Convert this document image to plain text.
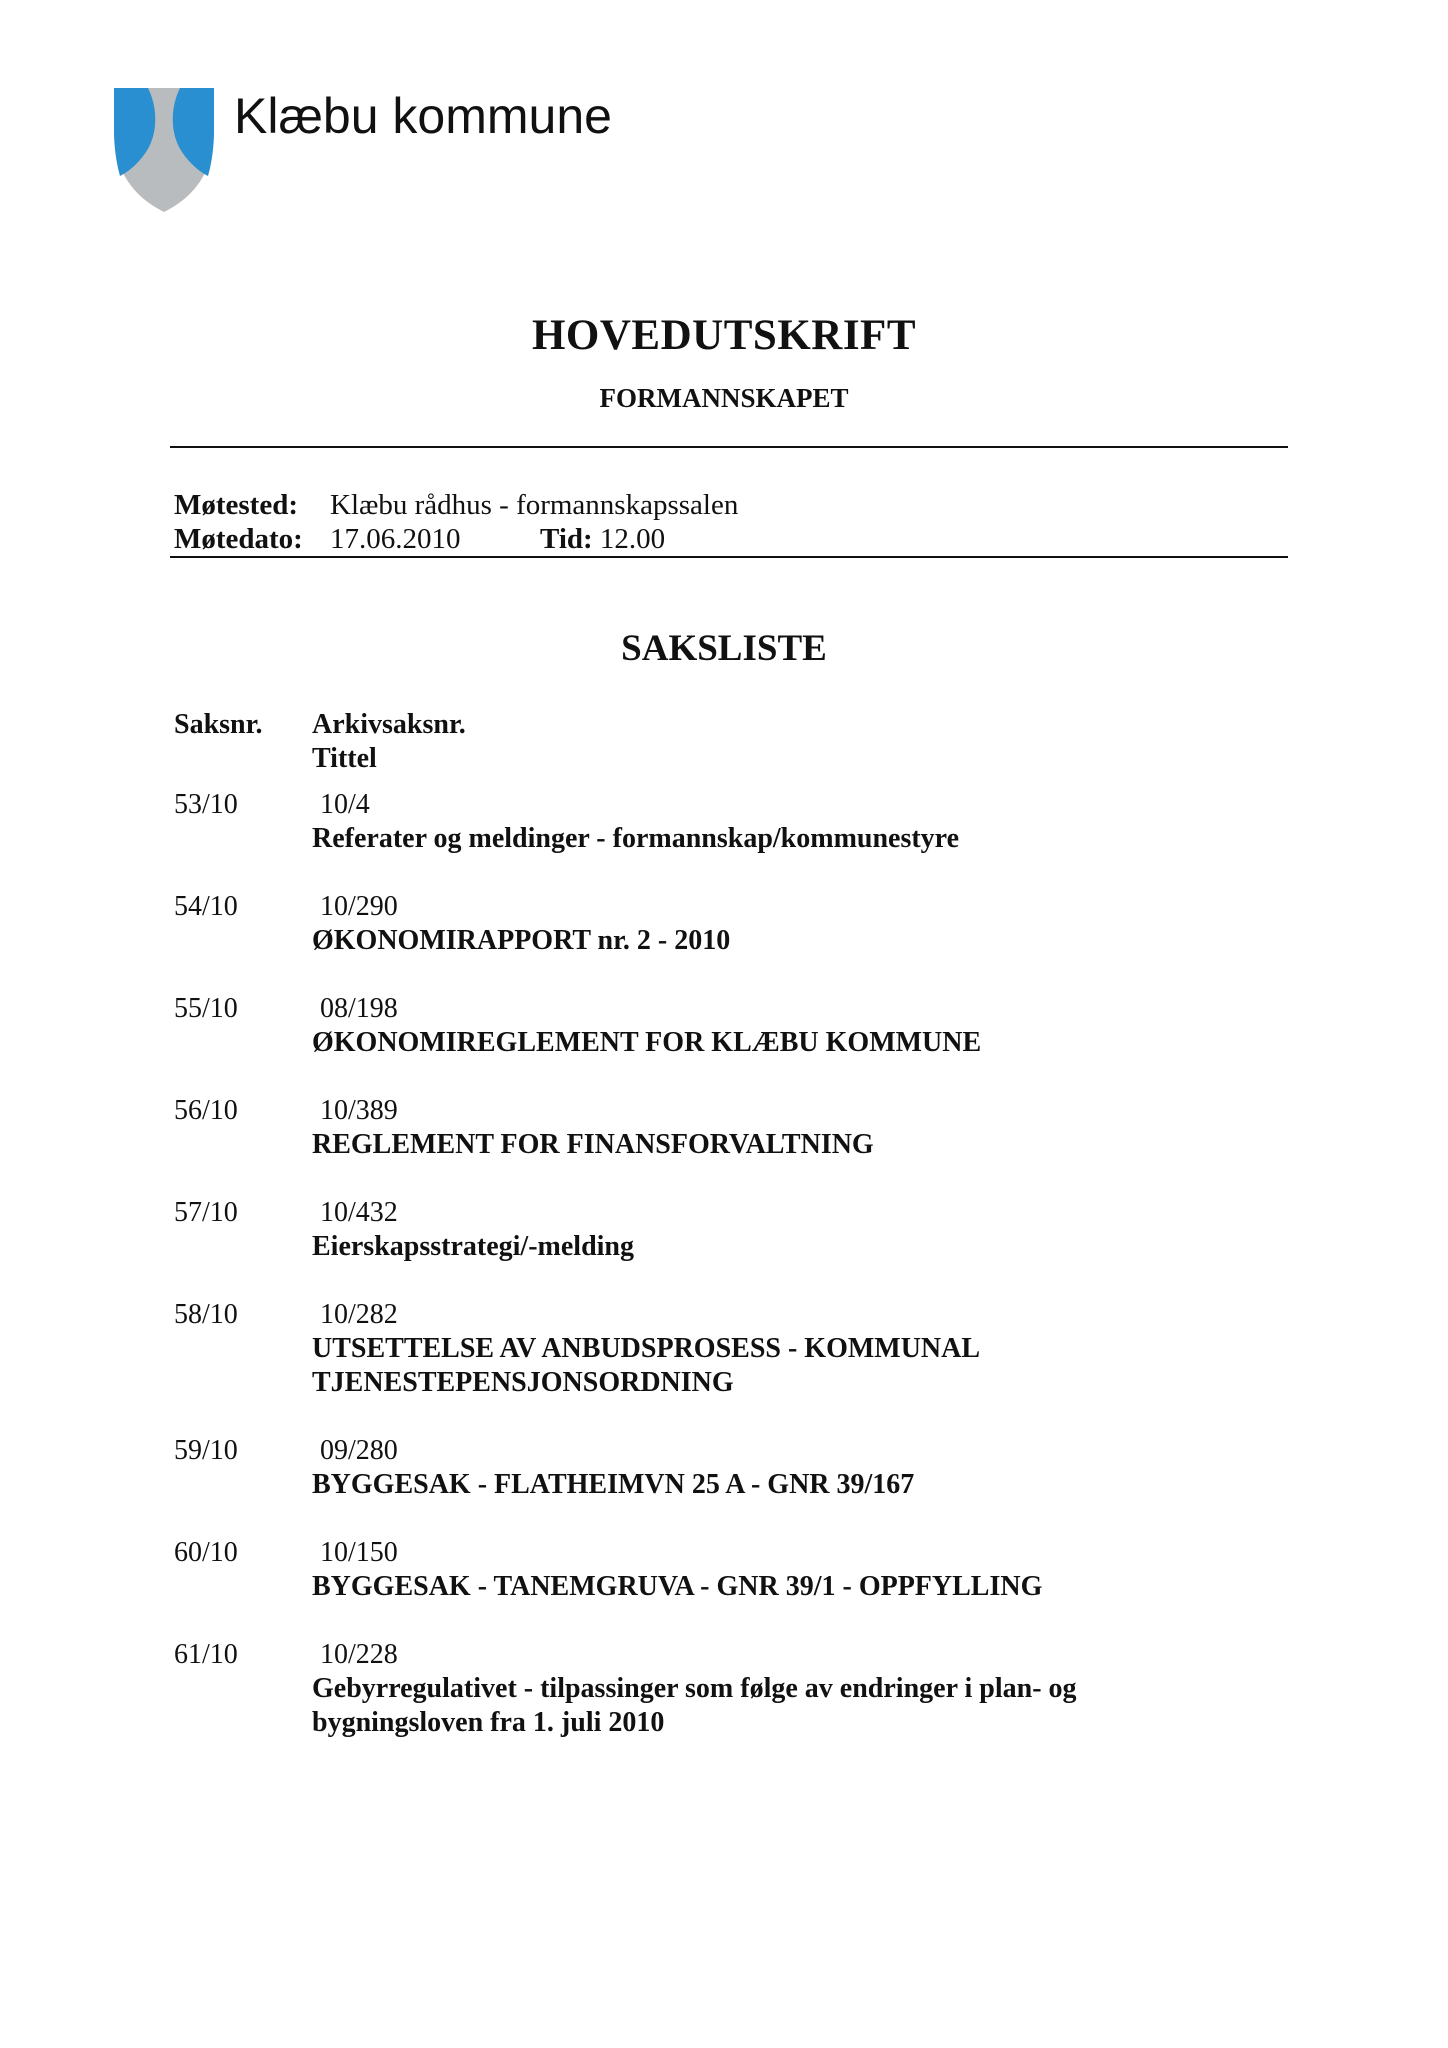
Klæbu kommune
HOVEDUTSKRIFT
FORMANNSKAPET
Møtested: Klæbu rådhus - formannskapssalen
Møtedato: 17.06.2010	Tid: 12.00
SAKSLISTE
Saksnr. Arkivsaksnr.
Tittel
53/10	10/4
Referater og meldinger - formannskap/kommunestyre
54/10	10/290
ØKONOMIRAPPORT nr. 2 - 2010
55/10	08/198
ØKONOMIREGLEMENT FOR KLÆBU KOMMUNE
56/10	10/389
REGLEMENT FOR FINANSFORVALTNING
57/10	10/432
Eierskapsstrategi/-melding
58/10	10/282
UTSETTELSE AV ANBUDSPROSESS - KOMMUNAL TJENESTEPENSJONSORDNING
59/10	09/280
BYGGESAK - FLATHEIMVN 25 A - GNR 39/167
60/10	10/150
BYGGESAK - TANEMGRUVA - GNR 39/1 - OPPFYLLING
61/10	10/228
Gebyrregulativet - tilpassinger som følge av endringer i plan- og bygningsloven fra 1. juli 2010
